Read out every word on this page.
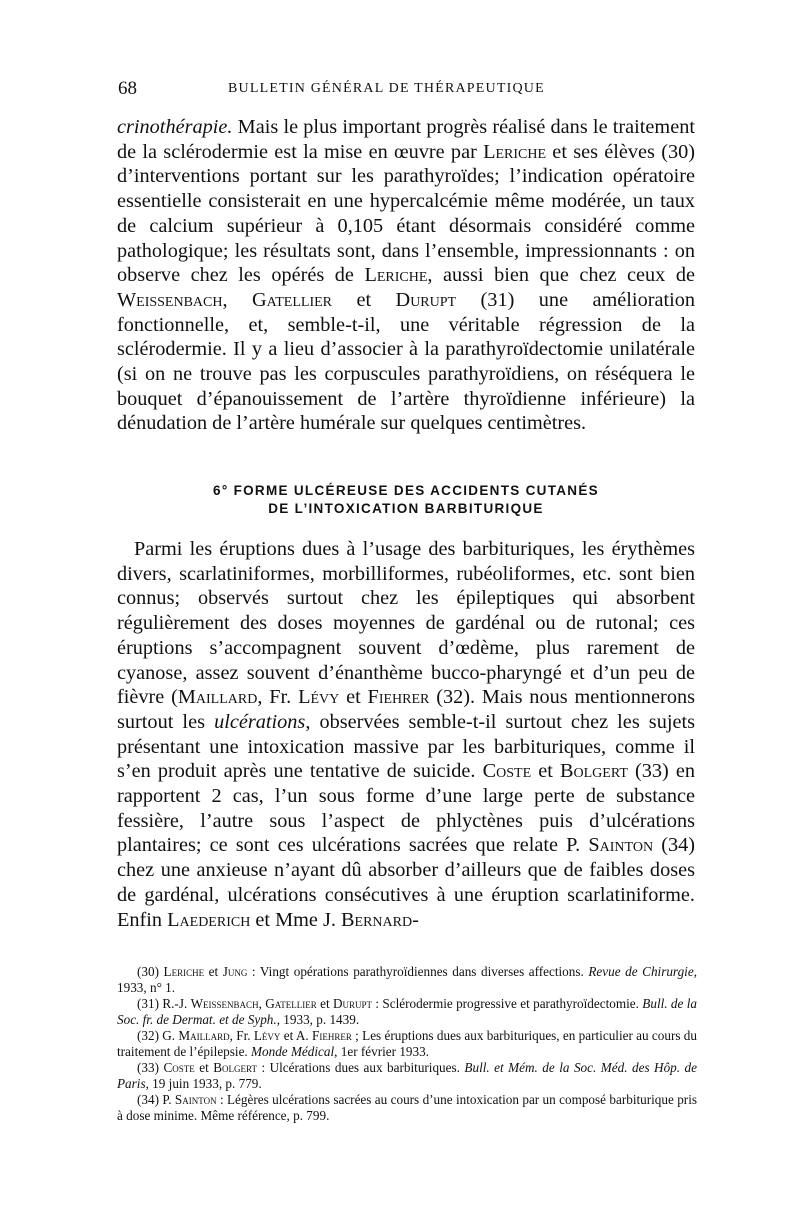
68	BULLETIN GÉNÉRAL DE THÉRAPEUTIQUE

crinothérapie. Mais le plus important progrès réalisé dans le traitement de la sclérodermie est la mise en œuvre par Leriche et ses élèves (30) d’interventions portant sur les parathyroïdes; l’indication opératoire essentielle consisterait en une hypercalcémie même modérée, un taux de calcium supérieur à 0,105 étant désormais considéré comme pathologique; les résultats sont, dans l’ensemble, impressionnants : on observe chez les opérés de Leriche, aussi bien que chez ceux de Weissenbach, Gatellier et Durupt (31) une amélioration fonctionnelle, et, semble-t-il, une véritable régression de la sclérodermie. Il y a lieu d’associer à la parathyroïdectomie unilatérale (si on ne trouve pas les corpuscules parathyroïdiens, on réséquera le bouquet d’épanouissement de l’artère thyroïdienne inférieure) la dénudation de l’artère humérale sur quelques centimètres.

6° FORME ULCÉREUSE DES ACCIDENTS CUTANÉS
DE L’INTOXICATION BARBITURIQUE

Parmi les éruptions dues à l’usage des barbituriques, les érythèmes divers, scarlatiniformes, morbilliformes, rubéoliformes, etc. sont bien connus; observés surtout chez les épileptiques qui absorbent régulièrement des doses moyennes de gardénal ou de rutonal; ces éruptions s’accompagnent souvent d’œdème, plus rarement de cyanose, assez souvent d’énanthème bucco-pharyngé et d’un peu de fièvre (Maillard, Fr. Lévy et Fiehrer (32). Mais nous mentionnerons surtout les ulcérations, observées semble-t-il surtout chez les sujets présentant une intoxication massive par les barbituriques, comme il s’en produit après une tentative de suicide. Coste et Bolgert (33) en rapportent 2 cas, l’un sous forme d’une large perte de substance fessière, l’autre sous l’aspect de phlyctènes puis d’ulcérations plantaires; ce sont ces ulcérations sacrées que relate P. Sainton (34) chez une anxieuse n’ayant dû absorber d’ailleurs que de faibles doses de gardénal, ulcérations consécutives à une éruption scarlatiniforme. Enfin Laederich et Mme J. Bernard-

(30) Leriche et Jung : Vingt opérations parathyroïdiennes dans diverses affections. Revue de Chirurgie, 1933, n° 1.

(31) R.-J. Weissenbach, Gatellier et Durupt : Sclérodermie progressive et parathyroïdectomie. Bull. de la Soc. fr. de Dermat. et de Syph., 1933, p. 1439.

(32) G. Maillard, Fr. Lévy et A. Fiehrer ; Les éruptions dues aux barbituriques, en particulier au cours du traitement de l’épilepsie. Monde Médical, 1er février 1933.

(33) Coste et Bolgert : Ulcérations dues aux barbituriques. Bull. et Mém. de la Soc. Méd. des Hôp. de Paris, 19 juin 1933, p. 779.

(34) P. Sainton : Légères ulcérations sacrées au cours d’une intoxication par un composé barbiturique pris à dose minime. Même référence, p. 799.
